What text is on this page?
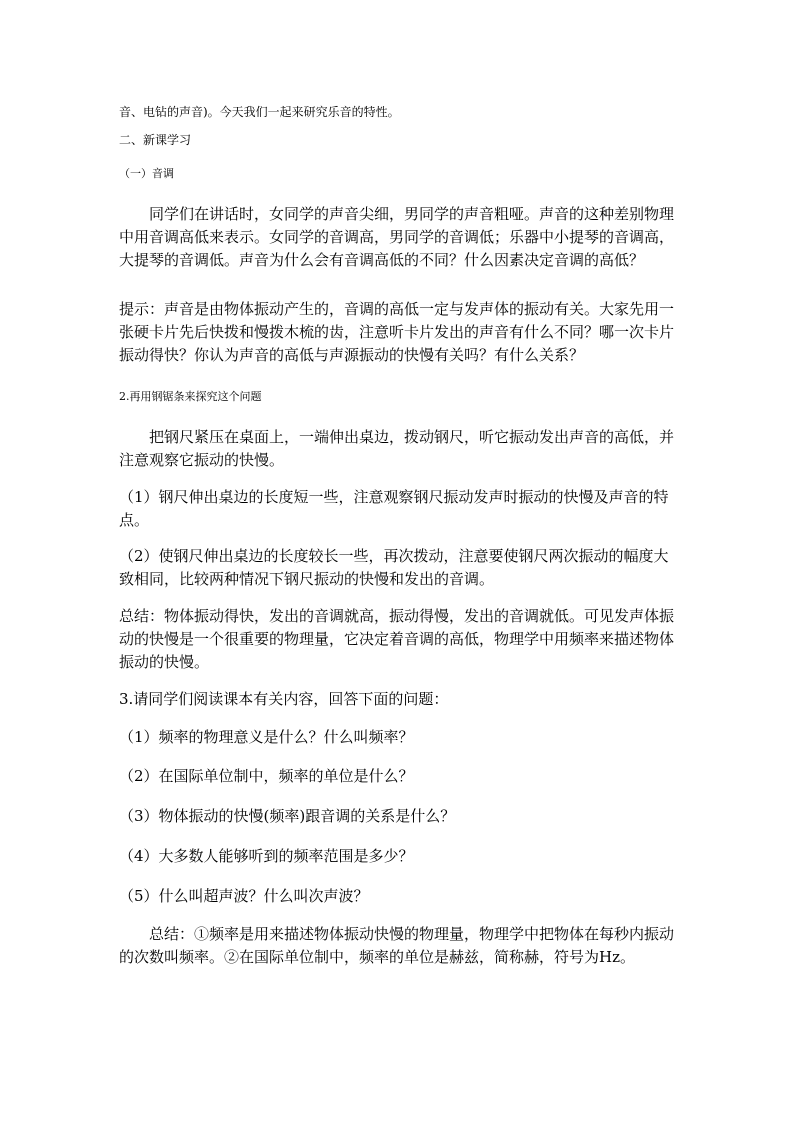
音、电钻的声音)。今天我们一起来研究乐音的特性。

二、新课学习

（一）音调

同学们在讲话时，女同学的声音尖细，男同学的声音粗哑。声音的这种差别物理中用音调高低来表示。女同学的音调高，男同学的音调低；乐器中小提琴的音调高，大提琴的音调低。声音为什么会有音调高低的不同？什么因素决定音调的高低？

提示：声音是由物体振动产生的，音调的高低一定与发声体的振动有关。大家先用一张硬卡片先后快拨和慢拨木梳的齿，注意听卡片发出的声音有什么不同？哪一次卡片振动得快？你认为声音的高低与声源振动的快慢有关吗？有什么关系？

2.再用钢锯条来探究这个问题

把钢尺紧压在桌面上，一端伸出桌边，拨动钢尺，听它振动发出声音的高低，并注意观察它振动的快慢。

（1）钢尺伸出桌边的长度短一些，注意观察钢尺振动发声时振动的快慢及声音的特点。

（2）使钢尺伸出桌边的长度较长一些，再次拨动，注意要使钢尺两次振动的幅度大致相同，比较两种情况下钢尺振动的快慢和发出的音调。

总结：物体振动得快，发出的音调就高，振动得慢，发出的音调就低。可见发声体振动的快慢是一个很重要的物理量，它决定着音调的高低，物理学中用频率来描述物体振动的快慢。

3.请同学们阅读课本有关内容，回答下面的问题：

（1）频率的物理意义是什么？什么叫频率？

（2）在国际单位制中，频率的单位是什么？

（3）物体振动的快慢(频率)跟音调的关系是什么？

（4）大多数人能够听到的频率范围是多少？

（5）什么叫超声波？什么叫次声波？

总结：①频率是用来描述物体振动快慢的物理量，物理学中把物体在每秒内振动的次数叫频率。②在国际单位制中，频率的单位是赫兹，简称赫，符号为Hz。
